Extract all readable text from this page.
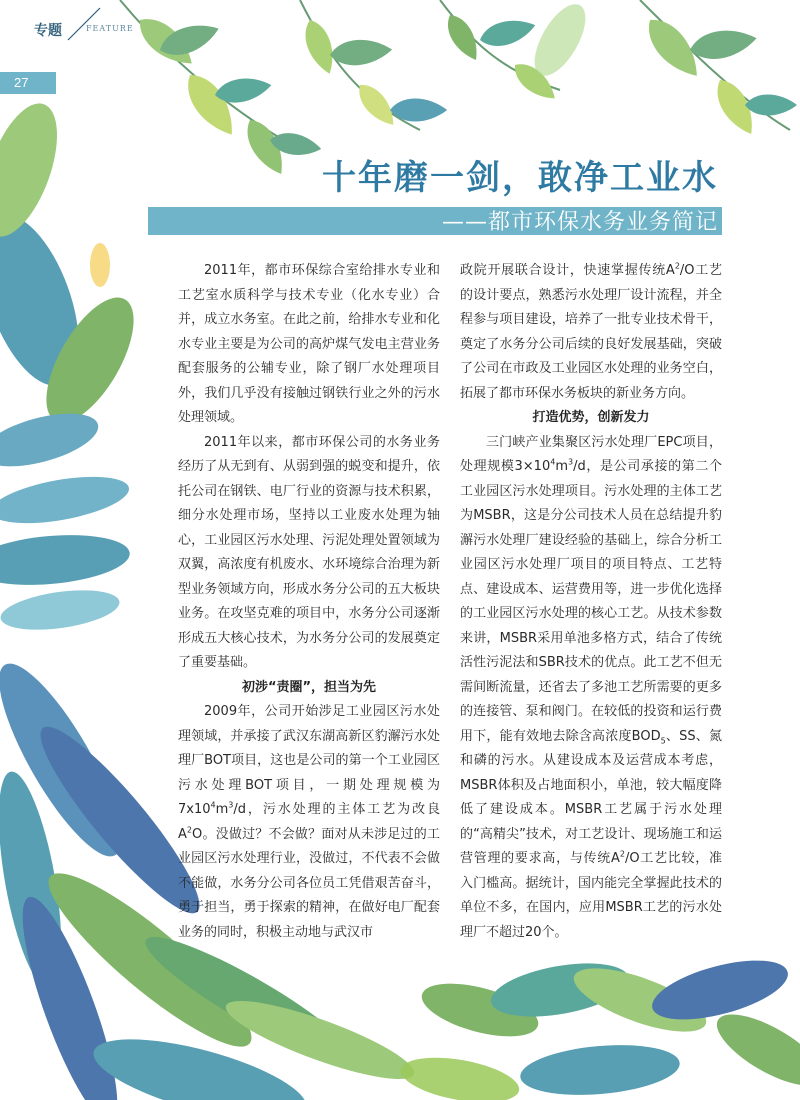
专题	FEATURE
27
十年磨一剑，敢净工业水
——都市环保水务业务简记

2011年，都市环保综合室给排水专业和工艺室水质科学与技术专业（化水专业）合并，成立水务室。在此之前，给排水专业和化水专业主要是为公司的高炉煤气发电主营业务配套服务的公辅专业，除了钢厂水处理项目外，我们几乎没有接触过钢铁行业之外的污水处理领域。

2011年以来，都市环保公司的水务业务经历了从无到有、从弱到强的蜕变和提升，依托公司在钢铁、电厂行业的资源与技术积累，细分水处理市场，坚持以工业废水处理为轴心，工业园区污水处理、污泥处理处置领域为双翼，高浓度有机废水、水环境综合治理为新型业务领域方向，形成水务分公司的五大板块业务。在攻坚克难的项目中，水务分公司逐渐形成五大核心技术，为水务分公司的发展奠定了重要基础。

初涉“责圈”，担当为先

2009年，公司开始涉足工业园区污水处理领域，并承接了武汉东湖高新区豹澥污水处理厂BOT项目，这也是公司的第一个工业园区污水处理BOT项目，一期处理规模为$7x10^4m^3/d$，污水处理的主体工艺为改良$A^2O$。没做过？不会做？面对从未涉足过的工业园区污水处理行业，没做过，不代表不会做不能做，水务分公司各位员工凭借艰苦奋斗，勇于担当，勇于探索的精神，在做好电厂配套业务的同时，积极主动地与武汉市

政院开展联合设计，快速掌握传统$A^2/O$工艺的设计要点，熟悉污水处理厂设计流程，并全程参与项目建设，培养了一批专业技术骨干，奠定了水务分公司后续的良好发展基础，突破了公司在市政及工业园区水处理的业务空白，拓展了都市环保水务板块的新业务方向。

打造优势，创新发力

三门峡产业集聚区污水处理厂EPC项目，处理规模$3\times 10^4m^3/d$，是公司承接的第二个工业园区污水处理项目。污水处理的主体工艺为MSBR，这是分公司技术人员在总结提升豹澥污水处理厂建设经验的基础上，综合分析工业园区污水处理厂项目的项目特点、工艺特点、建设成本、运营费用等，进一步优化选择的工业园区污水处理的核心工艺。从技术参数来讲，MSBR采用单池多格方式，结合了传统活性污泥法和SBR技术的优点。此工艺不但无需间断流量，还省去了多池工艺所需要的更多的连接管、泵和阀门。在较低的投资和运行费用下，能有效地去除含高浓度$BOD_5$、SS、氮和磷的污水。从建设成本及运营成本考虑，MSBR体积及占地面积小，单池，较大幅度降低了建设成本。MSBR工艺属于污水处理的“高精尖”技术，对工艺设计、现场施工和运营管理的要求高，与传统$A^2/O$工艺比较，准入门槛高。据统计，国内能完全掌握此技术的单位不多，在国内，应用MSBR工艺的污水处理厂不超过20个。
